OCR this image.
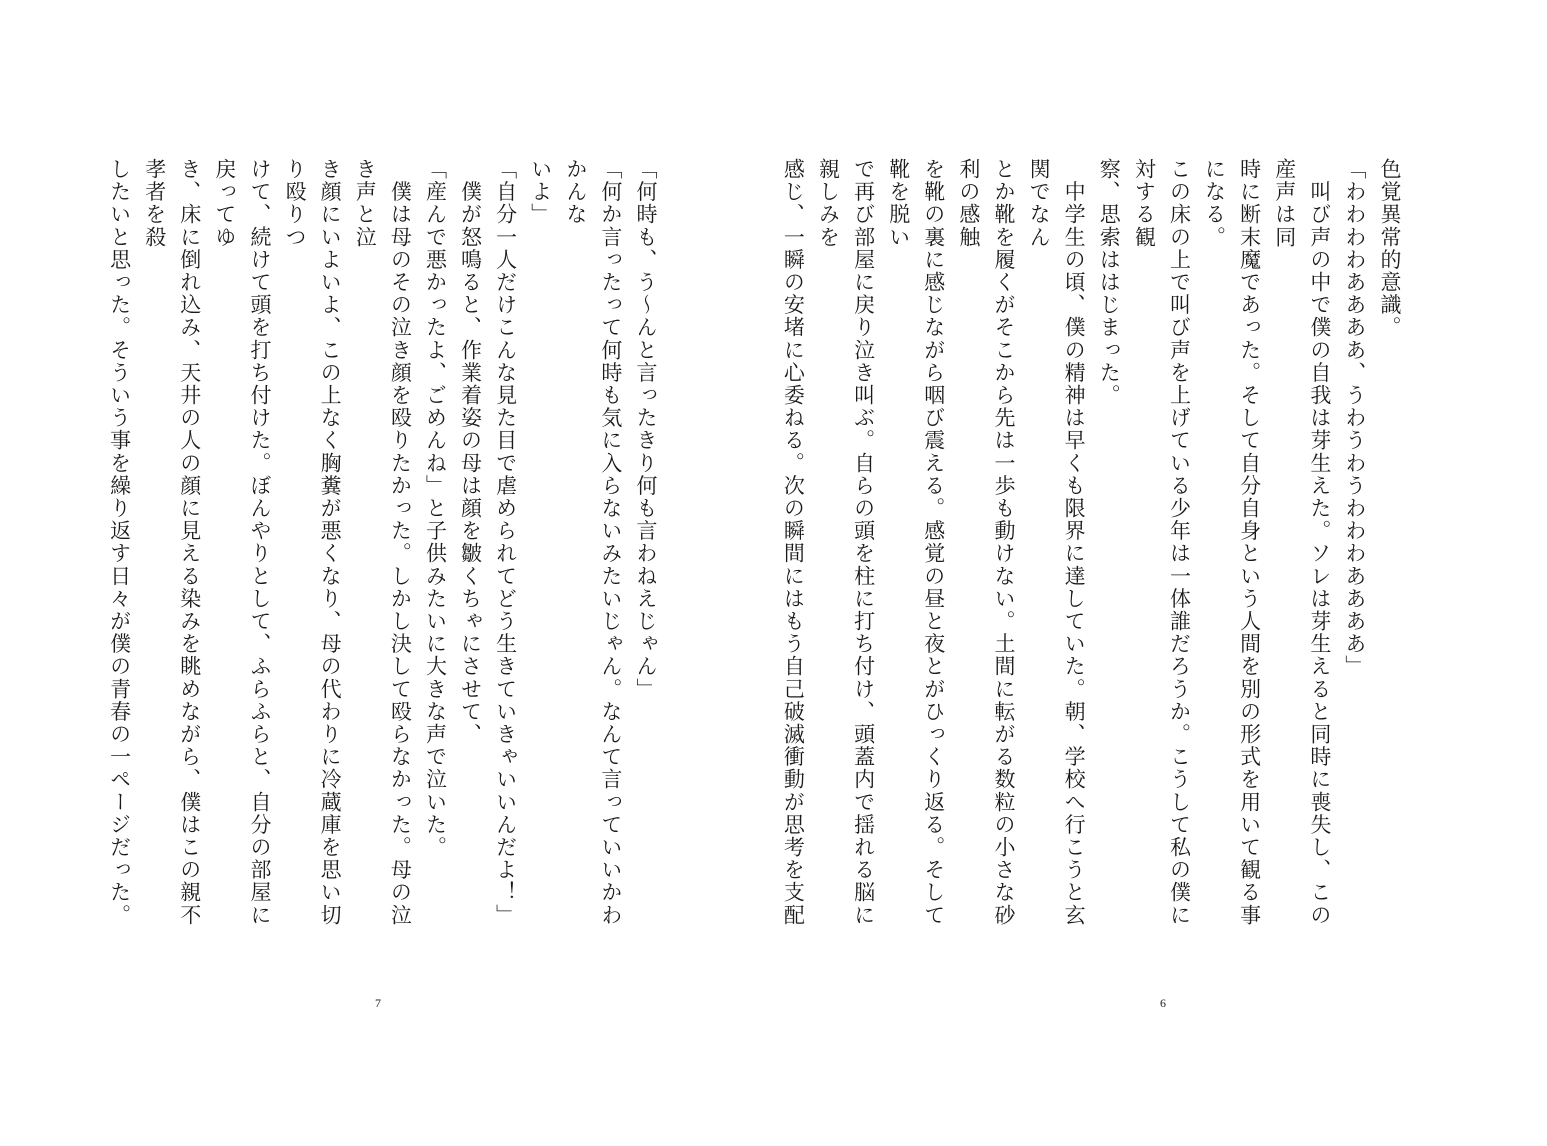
色覚異常的意識。
「わわわわああああ、うわうわうわわわああああ」
　叫び声の中で僕の自我は芽生えた。ソレは芽生えると同時に喪失し、この産声は同
時に断末魔であった。そして自分自身という人間を別の形式を用いて観る事になる。
この床の上で叫び声を上げている少年は一体誰だろうか。こうして私の僕に対する観
察、思索ははじまった。
　中学生の頃、僕の精神は早くも限界に達していた。朝、学校へ行こうと玄関でなん
とか靴を履くがそこから先は一歩も動けない。土間に転がる数粒の小さな砂利の感触
を靴の裏に感じながら咽び震える。感覚の昼と夜とがひっくり返る。そして靴を脱い
で再び部屋に戻り泣き叫ぶ。自らの頭を柱に打ち付け、頭蓋内で揺れる脳に親しみを
感じ、一瞬の安堵に心委ねる。次の瞬間にはもう自己破滅衝動が思考を支配
6
「何時も、う〜んと言ったきり何も言わねえじゃん」
「何か言ったって何時も気に入らないみたいじゃん。なんて言っていいかわかんな
いよ」
「自分一人だけこんな見た目で虐められてどう生きていきゃいいんだよ！」
　僕が怒鳴ると、作業着姿の母は顔を皺くちゃにさせて、
「産んで悪かったよ、ごめんね」と子供みたいに大きな声で泣いた。
　僕は母のその泣き顔を殴りたかった。しかし決して殴らなかった。母の泣き声と泣
き顔にいよいよ、この上なく胸糞が悪くなり、母の代わりに冷蔵庫を思い切り殴りつ
けて、続けて頭を打ち付けた。ぼんやりとして、ふらふらと、自分の部屋に戻ってゆ
き、床に倒れ込み、天井の人の顔に見える染みを眺めながら、僕はこの親不孝者を殺
したいと思った。そういう事を繰り返す日々が僕の青春の一ページだった。
7
